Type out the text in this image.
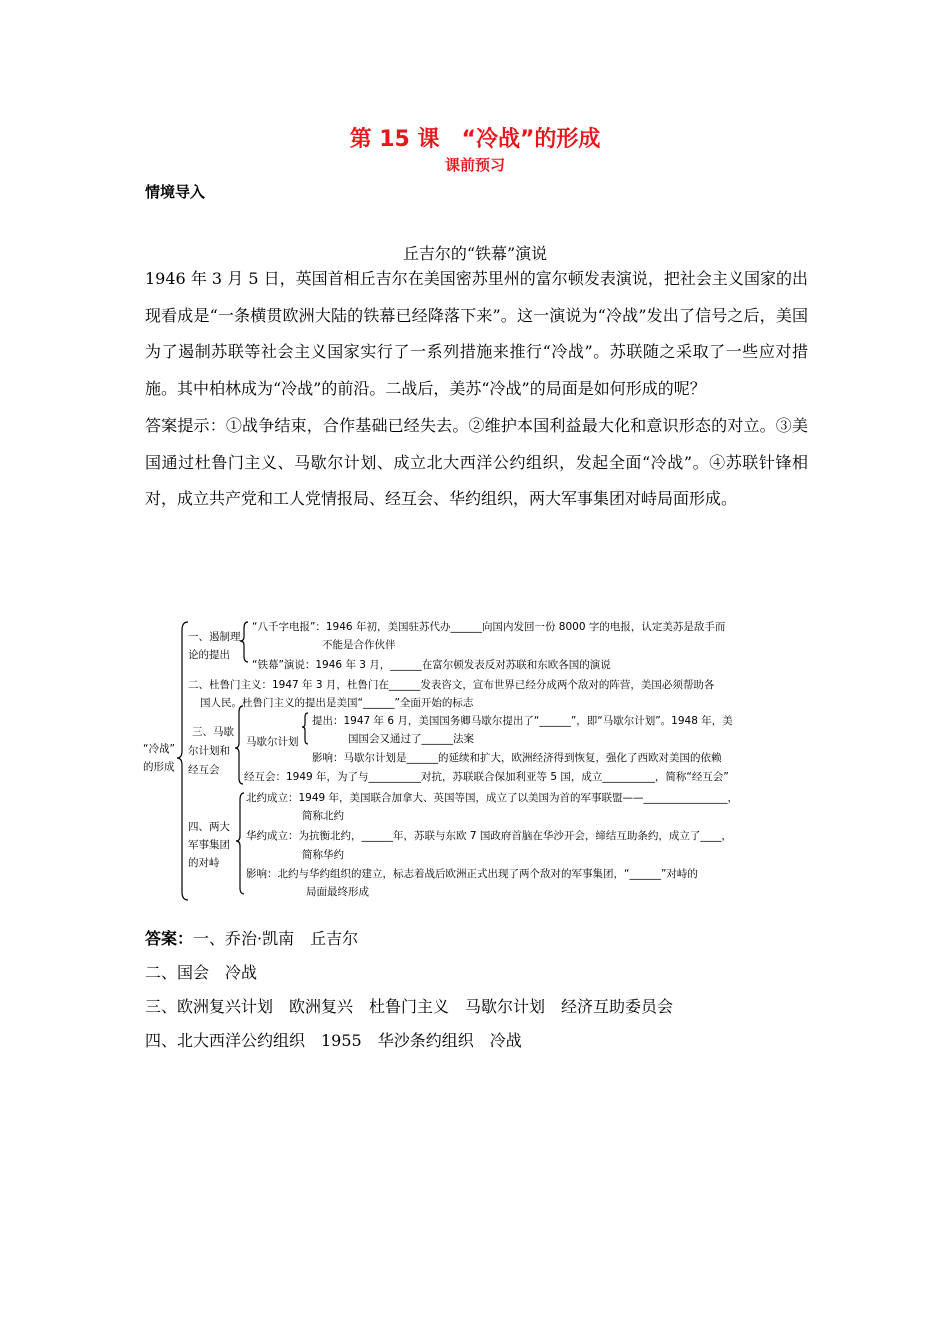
第 15 课　“冷战”的形成
课前预习
情境导入
丘吉尔的“铁幕”演说

1946 年 3 月 5 日，英国首相丘吉尔在美国密苏里州的富尔顿发表演说，把社会主义国家的出现看成是“一条横贯欧洲大陆的铁幕已经降落下来”。这一演说为“冷战”发出了信号之后，美国为了遏制苏联等社会主义国家实行了一系列措施来推行“冷战”。苏联随之采取了一些应对措施。其中柏林成为“冷战”的前沿。二战后，美苏“冷战”的局面是如何形成的呢？

答案提示：①战争结束，合作基础已经失去。②维护本国利益最大化和意识形态的对立。③美国通过杜鲁门主义、马歇尔计划、成立北大西洋公约组织，发起全面“冷战”。④苏联针锋相对，成立共产党和工人党情报局、经互会、华约组织，两大军事集团对峙局面形成。

“冷战”
的形成
一、遏制理
论的提出
“八千字电报”：1946 年初，美国驻苏代办______向国内发回一份 8000 字的电报，认定美苏是敌手而
不能是合作伙伴
“铁幕”演说：1946 年 3 月，______在富尔顿发表反对苏联和东欧各国的演说
二、杜鲁门主义：1947 年 3 月，杜鲁门在______发表咨文，宣布世界已经分成两个敌对的阵营，美国必须帮助各
国人民。杜鲁门主义的提出是美国“______”全面开始的标志
三、马歇
尔计划和
经互会
马歇尔计划
提出：1947 年 6 月，美国国务卿马歇尔提出了“______”，即“马歇尔计划”。1948 年，美
国国会又通过了______法案
影响：马歇尔计划是______的延续和扩大，欧洲经济得到恢复，强化了西欧对美国的依赖
经互会：1949 年，为了与__________对抗，苏联联合保加利亚等 5 国，成立__________，简称“经互会”
四、两大
军事集团
的对峙
北约成立：1949 年，美国联合加拿大、英国等国，成立了以美国为首的军事联盟——________________，
简称北约
华约成立：为抗衡北约，______年，苏联与东欧 7 国政府首脑在华沙开会，缔结互助条约，成立了____，
简称华约
影响：北约与华约组织的建立，标志着战后欧洲正式出现了两个敌对的军事集团，“______”对峙的
局面最终形成
答案：一、乔治·凯南　丘吉尔
二、国会　冷战
三、欧洲复兴计划　欧洲复兴　杜鲁门主义　马歇尔计划　经济互助委员会
四、北大西洋公约组织　1955　华沙条约组织　冷战
